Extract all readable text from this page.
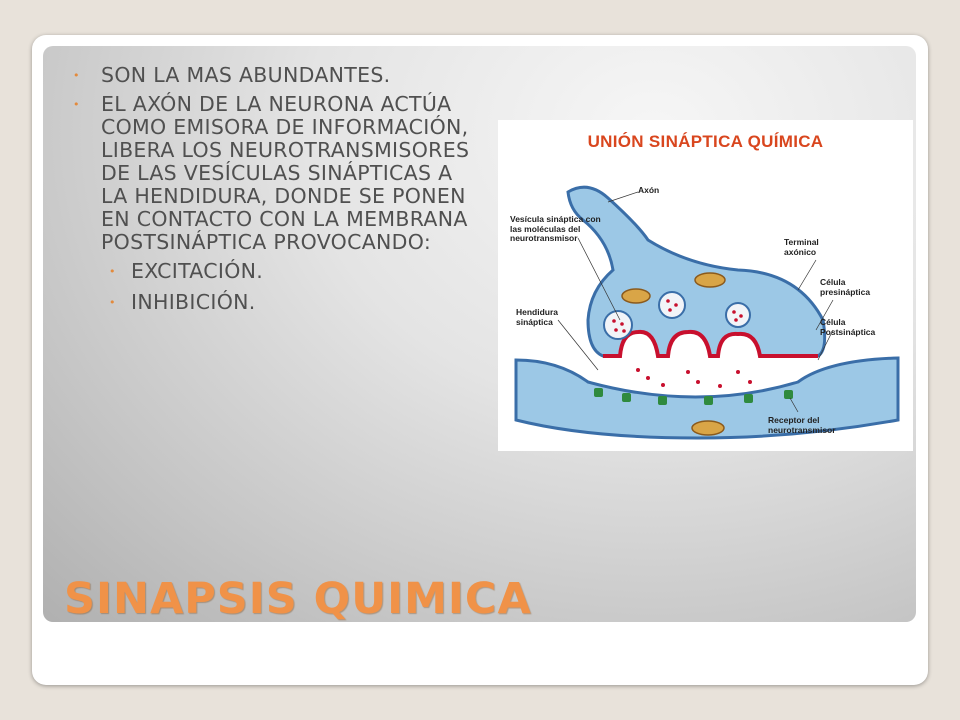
• SON LA MAS ABUNDANTES.
• EL AXÓN DE LA NEURONA ACTÚA COMO EMISORA DE INFORMACIÓN, LIBERA LOS NEUROTRANSMISORES DE LAS VESÍCULAS SINÁPTICAS A LA HENDIDURA, DONDE SE PONEN EN CONTACTO CON LA MEMBRANA POSTSINÁPTICA PROVOCANDO:
• EXCITACIÓN.
• INHIBICIÓN.
SINAPSIS QUIMICA
UNIÓN SINÁPTICA QUÍMICA
Axón
Vesícula sináptica con las moléculas del neurotransmisor	Terminal axónico
Célula presináptica
Célula Postsináptica
Hendidura sináptica
Receptor del neurotransmisor
